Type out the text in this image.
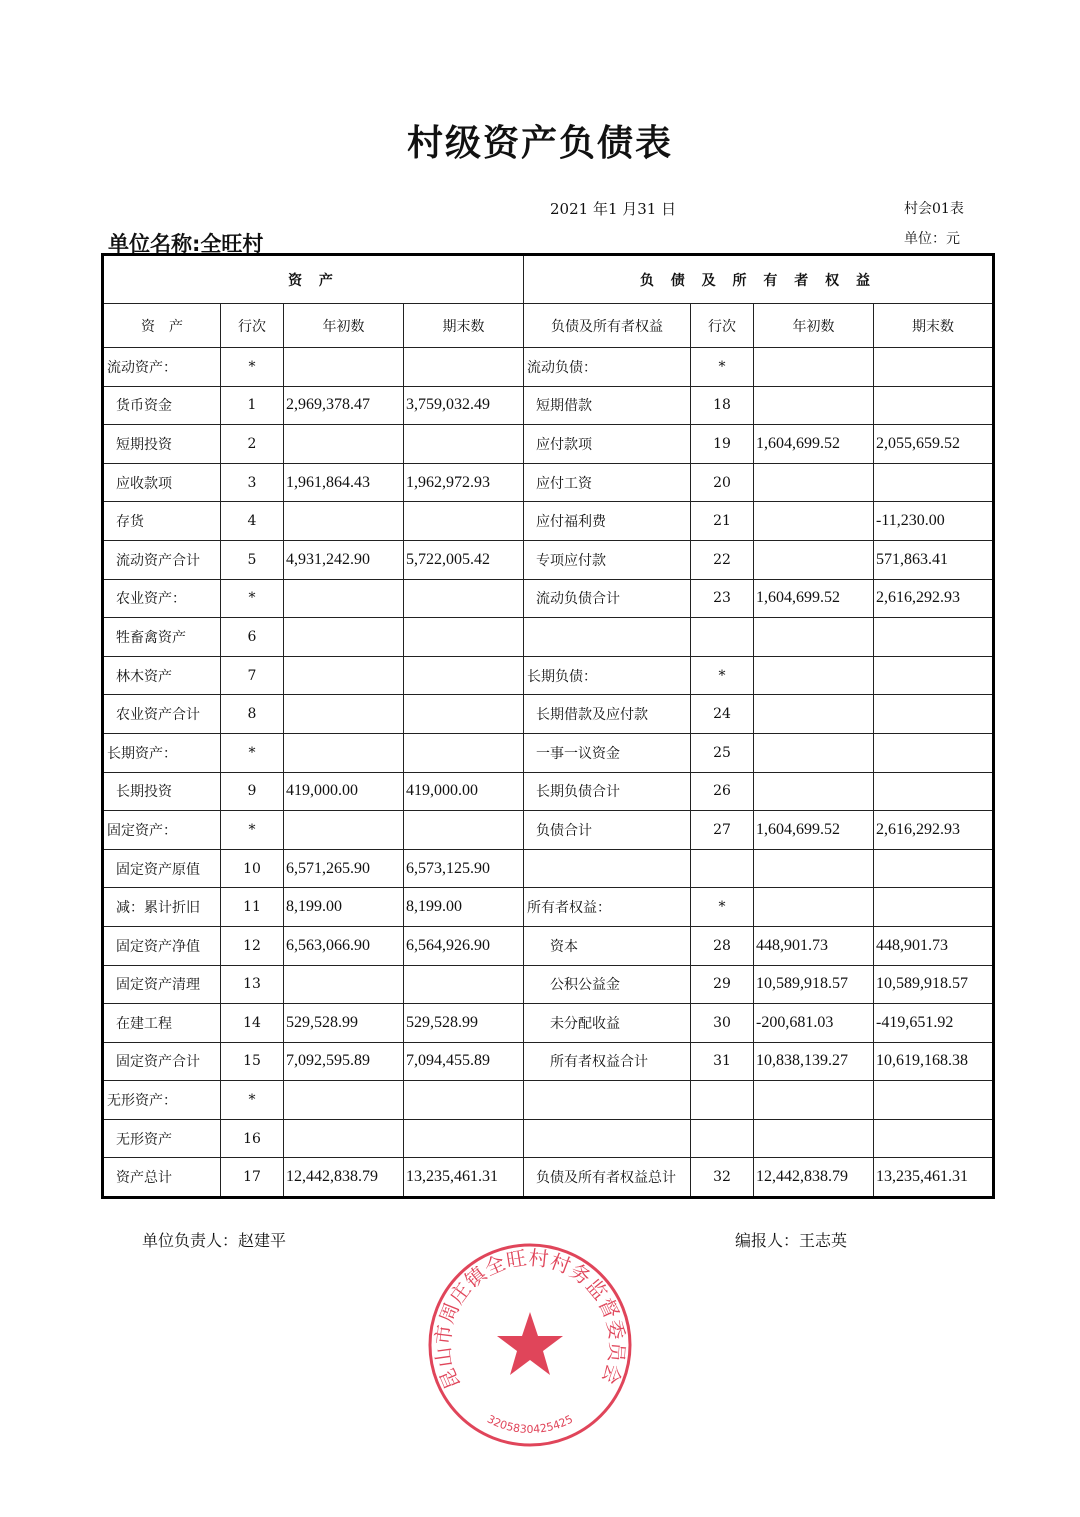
村级资产负债表
2021 年1 月31 日	村会01表
单位名称:全旺村	单位：元
资 产				负 债 及 所 有 者 权 益			
资　产	行次	年初数	期末数	负债及所有者权益	行次	年初数	期末数
流动资产：	*			流动负债：	*		
货币资金	1	2,969,378.47	3,759,032.49	短期借款	18		
短期投资	2			应付款项	19	1,604,699.52	2,055,659.52
应收款项	3	1,961,864.43	1,962,972.93	应付工资	20		
存货	4			应付福利费	21		-11,230.00
流动资产合计	5	4,931,242.90	5,722,005.42	专项应付款	22		571,863.41
农业资产：	*			流动负债合计	23	1,604,699.52	2,616,292.93
牲畜禽资产	6						
林木资产	7			长期负债：	*		
农业资产合计	8			长期借款及应付款	24		
长期资产：	*			一事一议资金	25		
长期投资	9	419,000.00	419,000.00	长期负债合计	26		
固定资产：	*			负债合计	27	1,604,699.52	2,616,292.93
固定资产原值	10	6,571,265.90	6,573,125.90				
减：累计折旧	11	8,199.00	8,199.00	所有者权益：	*		
固定资产净值	12	6,563,066.90	6,564,926.90	资本	28	448,901.73	448,901.73
固定资产清理	13			公积公益金	29	10,589,918.57	10,589,918.57
在建工程	14	529,528.99	529,528.99	未分配收益	30	-200,681.03	-419,651.92
固定资产合计	15	7,092,595.89	7,094,455.89	所有者权益合计	31	10,838,139.27	10,619,168.38
无形资产：	*						
无形资产	16						
资产总计	17	12,442,838.79	13,235,461.31	负债及所有者权益总计	32	12,442,838.79	13,235,461.31
单位负责人：赵建平	编报人：王志英
昆山市周庄镇全旺村村务监督委员会
3205830425425
